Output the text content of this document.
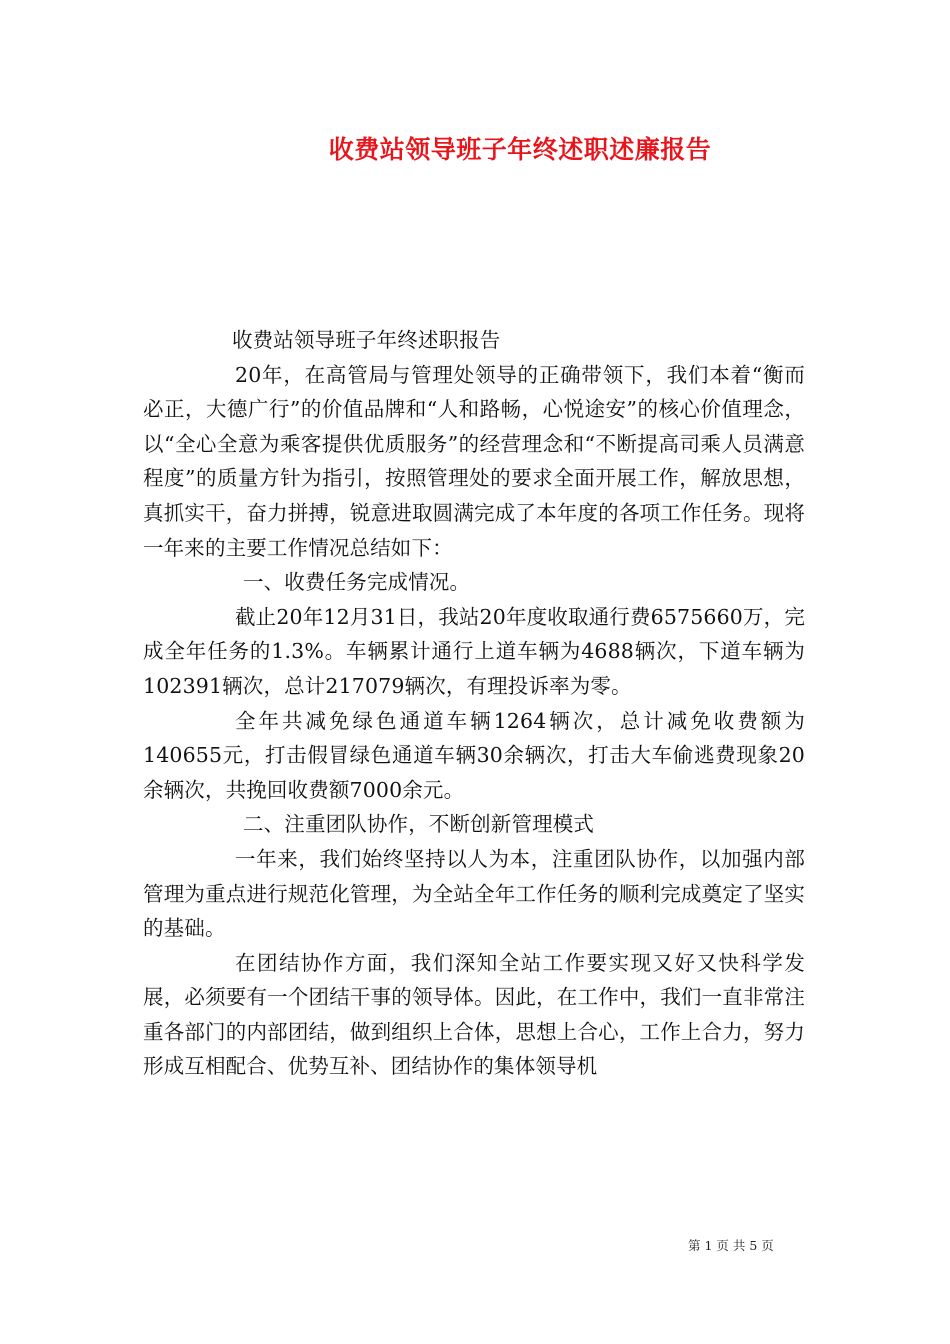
收费站领导班子年终述职述廉报告

收费站领导班子年终述职报告

20年，在高管局与管理处领导的正确带领下，我们本着“衡而必正，大德广行”的价值品牌和“人和路畅，心悦途安”的核心价值理念，以“全心全意为乘客提供优质服务”的经营理念和“不断提高司乘人员满意程度”的质量方针为指引，按照管理处的要求全面开展工作，解放思想，真抓实干，奋力拼搏，锐意进取圆满完成了本年度的各项工作任务。现将一年来的主要工作情况总结如下：

一、收费任务完成情况。

截止20年12月31日，我站20年度收取通行费6575660万，完成全年任务的1.3%。车辆累计通行上道车辆为4688辆次，下道车辆为102391辆次，总计217079辆次，有理投诉率为零。

全年共减免绿色通道车辆1264辆次，总计减免收费额为140655元，打击假冒绿色通道车辆30余辆次，打击大车偷逃费现象20余辆次，共挽回收费额7000余元。

二、注重团队协作，不断创新管理模式

一年来，我们始终坚持以人为本，注重团队协作，以加强内部管理为重点进行规范化管理，为全站全年工作任务的顺利完成奠定了坚实的基础。

在团结协作方面，我们深知全站工作要实现又好又快科学发展，必须要有一个团结干事的领导体。因此，在工作中，我们一直非常注重各部门的内部团结，做到组织上合体，思想上合心，工作上合力，努力形成互相配合、优势互补、团结协作的集体领导机

第 1 页 共 5 页
